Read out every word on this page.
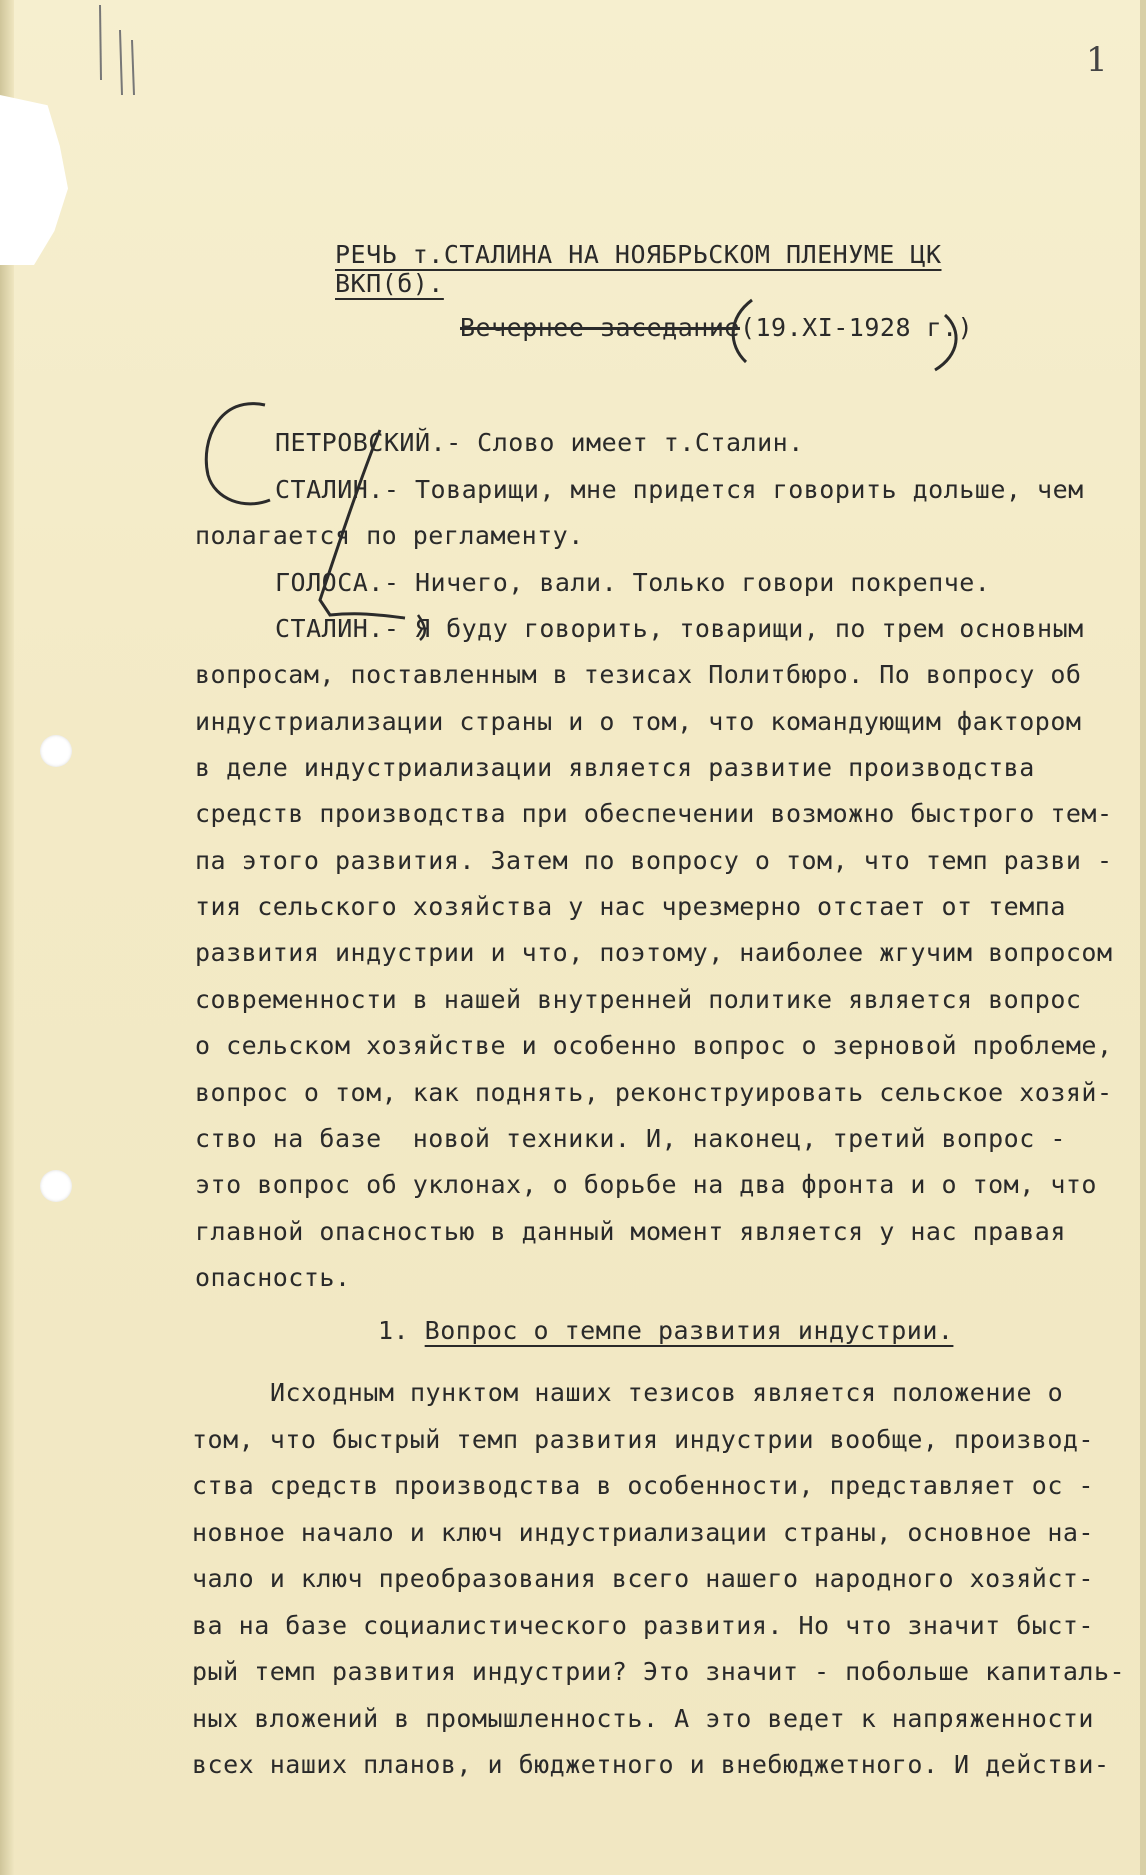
1
РЕЧЬ т.СТАЛИНА НА НОЯБРЬСКОМ ПЛЕНУМЕ ЦК ВКП(б).
Вечернее заседание(19.XI-1928 г.)
ПЕТРОВСКИЙ.- Слово имеет т.Сталин.
СТАЛИН.- Товарищи, мне придется говорить дольше, чем
полагается по регламенту.
ГОЛОСА.- Ничего, вали. Только говори покрепче.
СТАЛИН.- Я буду говорить, товарищи, по трем основным
вопросам, поставленным в тезисах Политбюро. По вопросу об
индустриализации страны и о том, что командующим фактором
в деле индустриализации является развитие производства
средств производства при обеспечении возможно быстрого тем-
па этого развития. Затем по вопросу о том, что темп разви -
тия сельского хозяйства у нас чрезмерно отстает от темпа
развития индустрии и что, поэтому, наиболее жгучим вопросом
современности в нашей внутренней политике является вопрос
о сельском хозяйстве и особенно вопрос о зерновой проблеме,
вопрос о том, как поднять, реконструировать сельское хозяй-
ство на базе  новой техники. И, наконец, третий вопрос -
это вопрос об уклонах, о борьбе на два фронта и о том, что
главной опасностью в данный момент является у нас правая
опасность.
1. Вопрос о темпе развития индустрии.
Исходным пунктом наших тезисов является положение о
том, что быстрый темп развития индустрии вообще, производ-
ства средств производства в особенности, представляет ос -
новное начало и ключ индустриализации страны, основное на-
чало и ключ преобразования всего нашего народного хозяйст-
ва на базе социалистического развития. Но что значит быст-
рый темп развития индустрии? Это значит - побольше капиталь-
ных вложений в промышленность. А это ведет к напряженности
всех наших планов, и бюджетного и внебюджетного. И действи-
